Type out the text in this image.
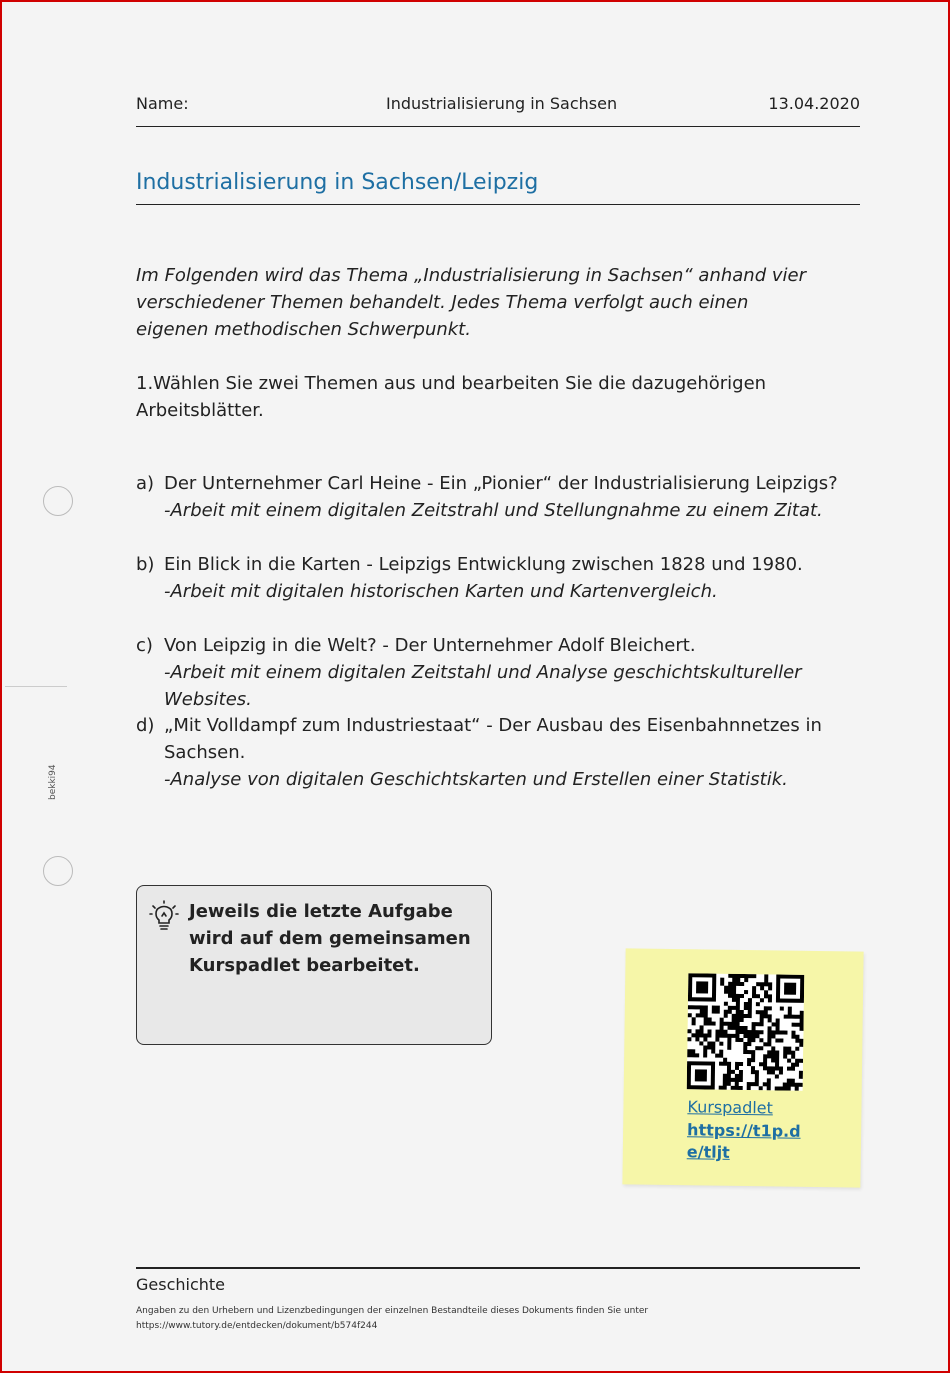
Name:	Industrialisierung in Sachsen	13.04.2020
Industrialisierung in Sachsen/Leipzig
Im Folgenden wird das Thema „Industrialisierung in Sachsen“ anhand vier verschiedener Themen behandelt. Jedes Thema verfolgt auch einen eigenen methodischen Schwerpunkt.
1.Wählen Sie zwei Themen aus und bearbeiten Sie die dazugehörigen Arbeitsblätter.
a) Der Unternehmer Carl Heine - Ein „Pionier“ der Industrialisierung Leipzigs?
-Arbeit mit einem digitalen Zeitstrahl und Stellungnahme zu einem Zitat.
b) Ein Blick in die Karten - Leipzigs Entwicklung zwischen 1828 und 1980.
-Arbeit mit digitalen historischen Karten und Kartenvergleich.
c) Von Leipzig in die Welt? - Der Unternehmer Adolf Bleichert.
-Arbeit mit einem digitalen Zeitstahl und Analyse geschichtskultureller Websites.
d) „Mit Volldampf zum Industriestaat“ - Der Ausbau des Eisenbahnnetzes in Sachsen.
-Analyse von digitalen Geschichtskarten und Erstellen einer Statistik.
bekki94
Jeweils die letzte Aufgabe wird auf dem gemeinsamen Kurspadlet bearbeitet.
Kurspadlet
https://t1p.de/tljt
Geschichte
Angaben zu den Urhebern und Lizenzbedingungen der einzelnen Bestandteile dieses Dokuments finden Sie unter
https://www.tutory.de/entdecken/dokument/b574f244
